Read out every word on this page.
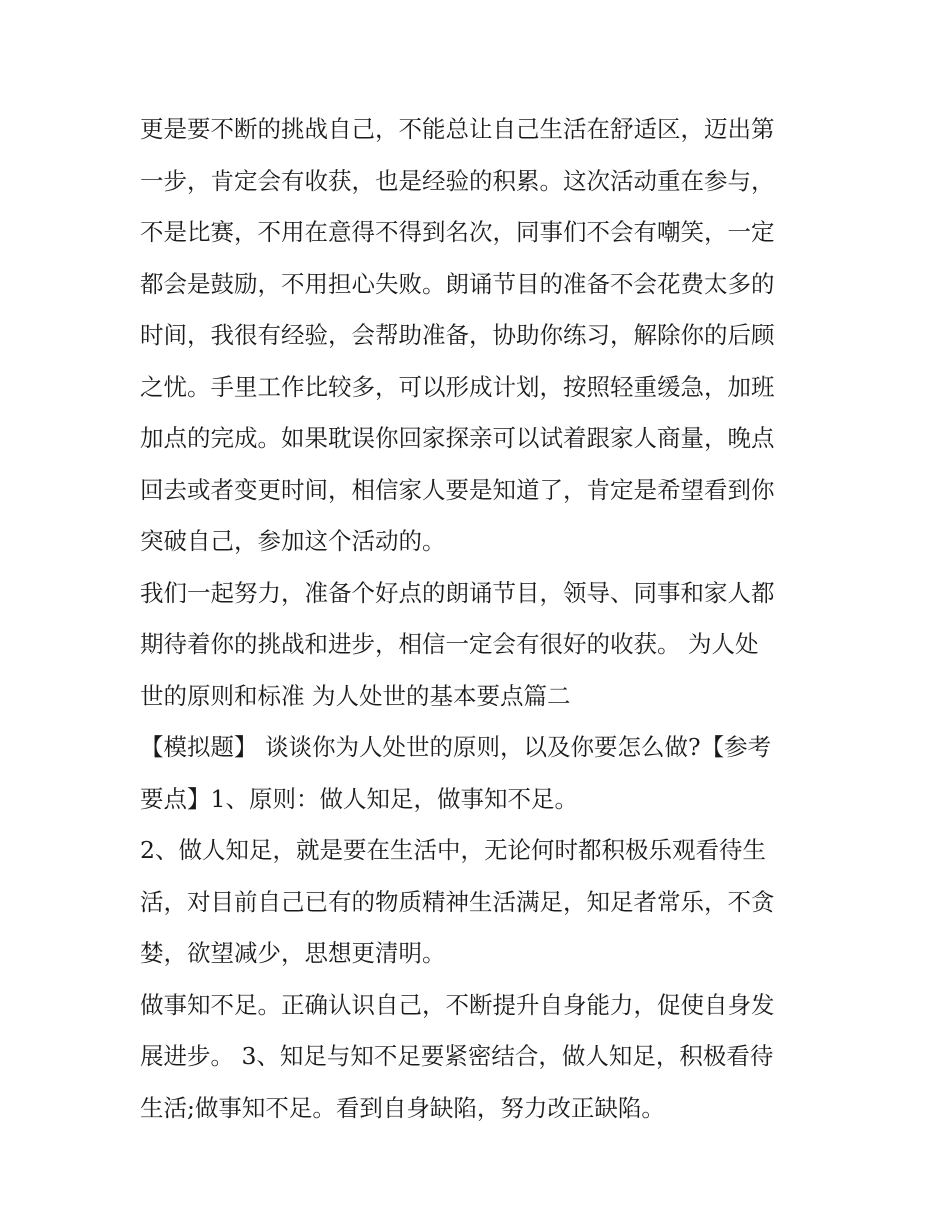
更是要不断的挑战自己，不能总让自己生活在舒适区，迈出第
一步，肯定会有收获，也是经验的积累。这次活动重在参与，
不是比赛，不用在意得不得到名次，同事们不会有嘲笑，一定
都会是鼓励，不用担心失败。朗诵节目的准备不会花费太多的
时间，我很有经验，会帮助准备，协助你练习，解除你的后顾
之忧。手里工作比较多，可以形成计划，按照轻重缓急，加班
加点的完成。如果耽误你回家探亲可以试着跟家人商量，晚点
回去或者变更时间，相信家人要是知道了，肯定是希望看到你
突破自己，参加这个活动的。
我们一起努力，准备个好点的朗诵节目，领导、同事和家人都
期待着你的挑战和进步，相信一定会有很好的收获。 为人处
世的原则和标准 为人处世的基本要点篇二
【模拟题】 谈谈你为人处世的原则，以及你要怎么做?【参考
要点】1、原则：做人知足，做事知不足。
2、做人知足，就是要在生活中，无论何时都积极乐观看待生
活，对目前自己已有的物质精神生活满足，知足者常乐，不贪
婪，欲望减少，思想更清明。
做事知不足。正确认识自己，不断提升自身能力，促使自身发
展进步。 3、知足与知不足要紧密结合，做人知足，积极看待
生活;做事知不足。看到自身缺陷，努力改正缺陷。
